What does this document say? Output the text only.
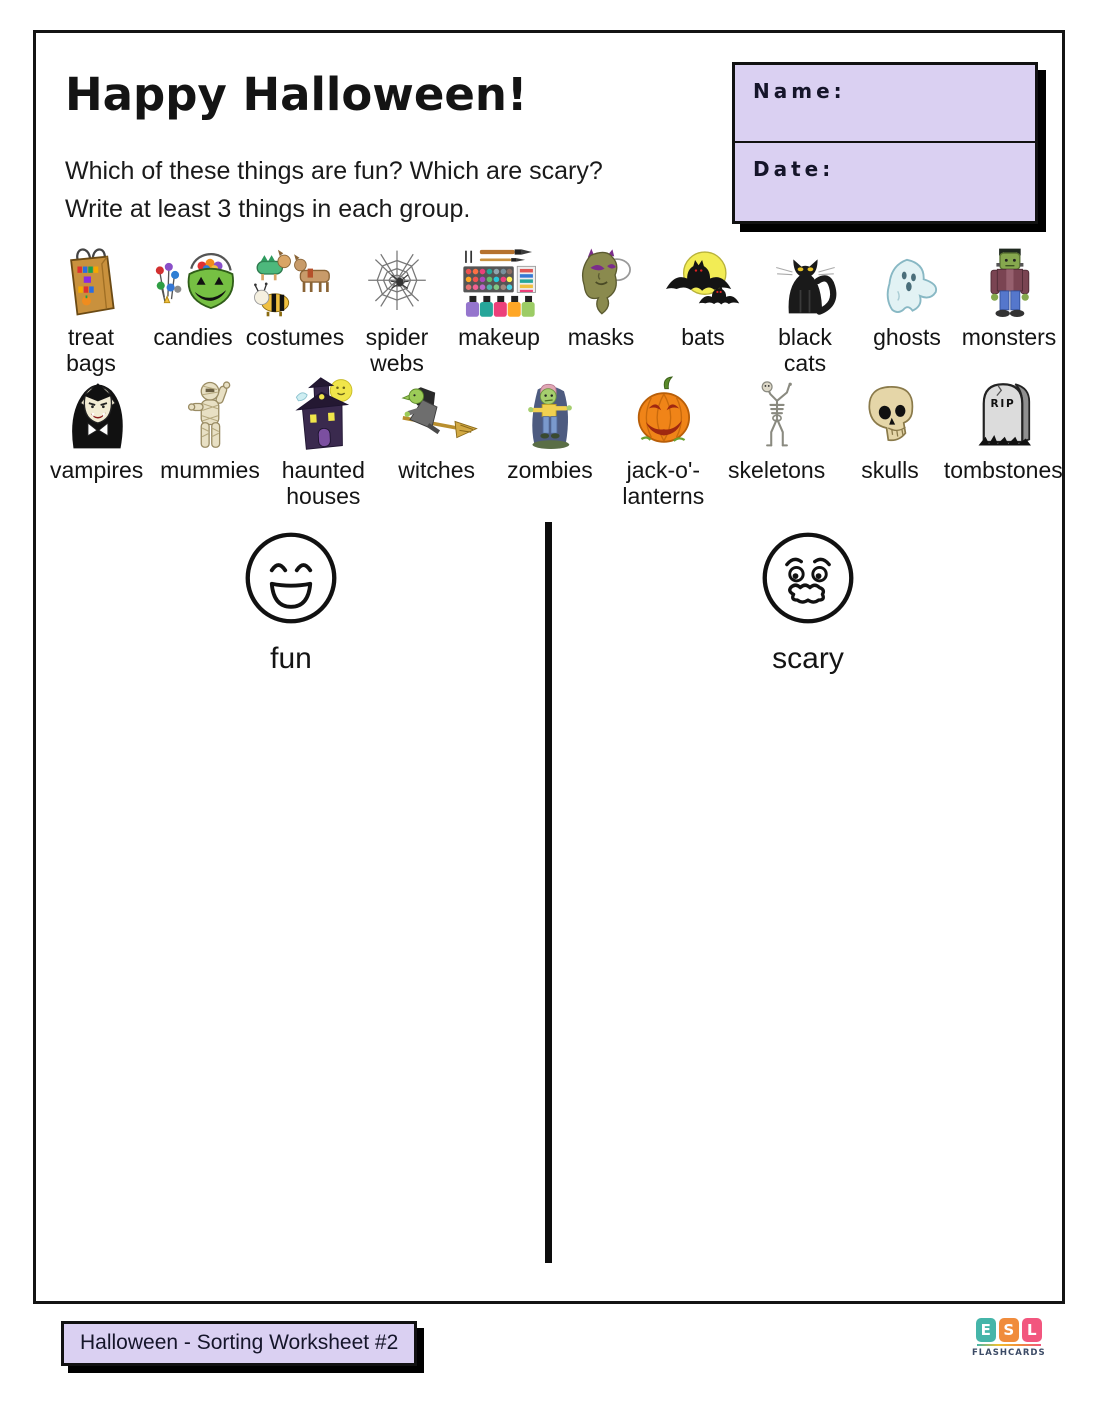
Happy Halloween!
Which of these things are fun? Which are scary?
Write at least 3 things in each group.
Name:
Date:
treat bags
candies costumes spider webs
makeup masks bats	black cats
ghosts monsters
vampires mummies haunted houses
witches zombies	jack-o'-lanterns
skeletons skulls
RIP
tombstones
fun	scary
Halloween - Sorting Worksheet #2
E S L
FLASHCARDS
